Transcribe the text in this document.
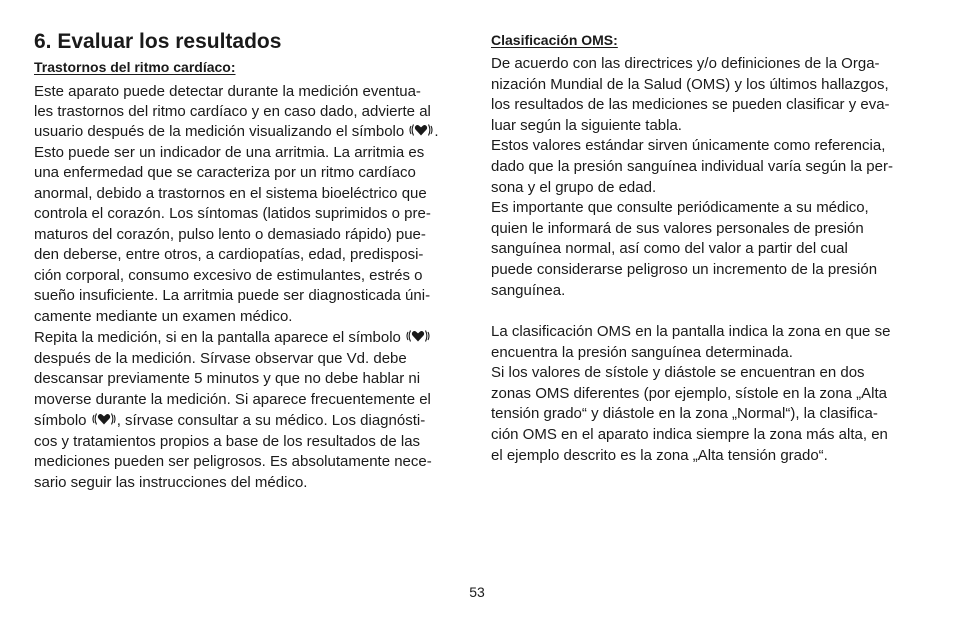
6. Evaluar los resultados
Trastornos del ritmo cardíaco:
Este aparato puede detectar durante la medición eventua-
les trastornos del ritmo cardíaco y en caso dado, advierte al
usuario después de la medición visualizando el símbolo .
Esto puede ser un indicador de una arritmia. La arritmia es
una enfermedad que se caracteriza por un ritmo cardíaco
anormal, debido a trastornos en el sistema bioeléctrico que
controla el corazón. Los síntomas (latidos suprimidos o pre-
maturos del corazón, pulso lento o demasiado rápido) pue-
den deberse, entre otros, a cardiopatías, edad, predisposi-
ción corporal, consumo excesivo de estimulantes, estrés o
sueño insuficiente. La arritmia puede ser diagnosticada úni-
camente mediante un examen médico.
Repita la medición, si en la pantalla aparece el símbolo
después de la medición. Sírvase observar que Vd. debe
descansar previamente 5 minutos y que no debe hablar ni
moverse durante la medición. Si aparece frecuentemente el
símbolo , sírvase consultar a su médico. Los diagnósti-
cos y tratamientos propios a base de los resultados de las
mediciones pueden ser peligrosos. Es absolutamente nece-
sario seguir las instrucciones del médico.
Clasificación OMS:
De acuerdo con las directrices y/o definiciones de la Orga-
nización Mundial de la Salud (OMS) y los últimos hallazgos,
los resultados de las mediciones se pueden clasificar y eva-
luar según la siguiente tabla.
Estos valores estándar sirven únicamente como referencia,
dado que la presión sanguínea individual varía según la per-
sona y el grupo de edad.
Es importante que consulte periódicamente a su médico,
quien le informará de sus valores personales de presión
sanguínea normal, así como del valor a partir del cual
puede considerarse peligroso un incremento de la presión
sanguínea.
La clasificación OMS en la pantalla indica la zona en que se
encuentra la presión sanguínea determinada.
Si los valores de sístole y diástole se encuentran en dos
zonas OMS diferentes (por ejemplo, sístole en la zona „Alta
tensión grado“ y diástole en la zona „Normal“), la clasifica-
ción OMS en el aparato indica siempre la zona más alta, en
el ejemplo descrito es la zona „Alta tensión grado“.
53
